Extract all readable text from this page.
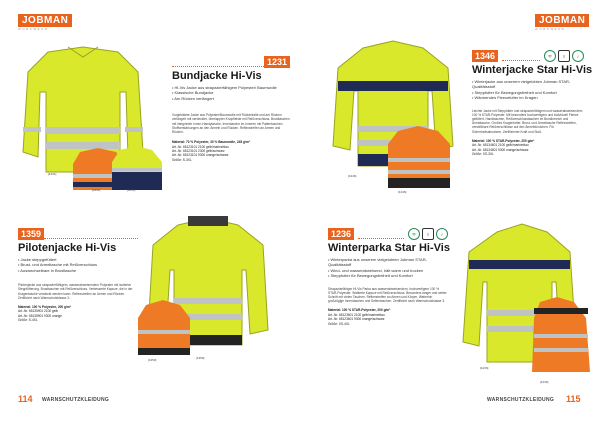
JOBMAN
WORKWEAR
[1231]
[1231]	[1231]
1231
Bundjacke Hi-Vis
• Hi-Vis Jacke aus strapazierfähigem Polyester/ Baumwolle
• Klassische Bundjacke
• Am Rücken verlängert
Vorgebildete Jacke aus Polyester/Baumwolle mit Rückenfalte und am Rücken verlängert mit verdeckter, überlappter Knopfleiste mit Reißverschluss. Brusttaschen mit integrierter Innen-Handytasche, Innentasche im Inneren mit Pattentaschen. Stoffverstärkungen an den Ärmeln und Rücken. Reflexstreifen an Armen und Rücken.
Material: 70 % Polyester, 30 % Baumwolle, 245 g/m²
Art.-Nr. 65123101 2100 gelb/marineblau
Art.-Nr. 65123101 2300 gelb/schwarz
Art.-Nr. 65123101 9300 orange/schwarz
Größe: S-3XL
1359
Pilotenjacke Hi-Vis
• Jacke steppgefüttert
• Brust- und Armeltasche mit Reißverschluss
• Auswechselbare in Brusttasche
Pilotenjacke aus strapazierfähigem, wasserabweisendem Polyester mit isolierter Steppfütterung. Brusttaschen mit Reißverschluss. Verbesserte Kapuze, die in der Kragentasche versteckt werden kann. Reflexstreifen an Armen und Rücken. Zertifiziert nach Warnschutzklasse 3.
Material: 100 % Polyester, 200 g/m²
Art.-Nr. 65135901 2100 gelb
Art.-Nr. 65135901 9300 orange
Größe: S-4XL
[1359]	[1359]
114 WARNSCHUTZKLEIDUNG
JOBMAN
WORKWEAR
[1346]
[1346]
1346	⛨	≡	✓
Winterjacke Star Hi-Vis
• Winterjacke aus unserem vielgelobten Jobman STAR-Qualitätsstoff
• Steppfutter für Bewegungsfreiheit und Komfort
• Wärmendes Fleecefutter im Kragen
Leichte Jacke mit Steppfutter und strapazierfähigem und wasserabweisendem 100 % STAR-Polyester. Mit besonders hochwertigem und individuell Fleece gefüttert. Handtaschen, Reißverschlusstaschen im Brustbereich und Ärmeltasche. Großes Kragenfutter. Brust- und Ärmeltasche Reflexstreifen, verstellbare Reißverschlüsse auf den Ärmelbündchen. Für Sicherheitsabnahme. Zertifizierter Kraft und Stoß.
Material: 100 % STAR-Polyester, 200 g/m²
Art.-Nr. 65134601 2100 gelb/marineblau
Art.-Nr. 65134601 9300 orange/schwarz
Größe: XS-3XL
1236	⛨	≡	✓
Winterparka Star Hi-Vis
• Winterparka aus unserem vielgelobten Jobman STAR-Qualitätsstoff
• Wind- und wasserabweisend, hält warm und trocken
• Steppfutter für Bewegungsfreiheit und Komfort
Strapazierfähiger Hi-Vis Parka aus wasserabweisendem, hochwertigem 100 % STAR-Polyester. Wattierte Kapuze mit Reißverschluss. Besonders langer und weiter Schnitt mit vielen Taschen. Reflexstreifen an Armen und Körper. Weiterhin großzügige Innentaschen und Seitentaschen. Zertifiziert nach Warnschutzklasse 3.
Material: 100 % STAR-Polyester, 200 g/m²
Art.-Nr. 65123601 2100 gelb/marineblau
Art.-Nr. 65123601 9300 orange/schwarz
Größe: XS-4XL
[1236]
[1236]
WARNSCHUTZKLEIDUNG 115
